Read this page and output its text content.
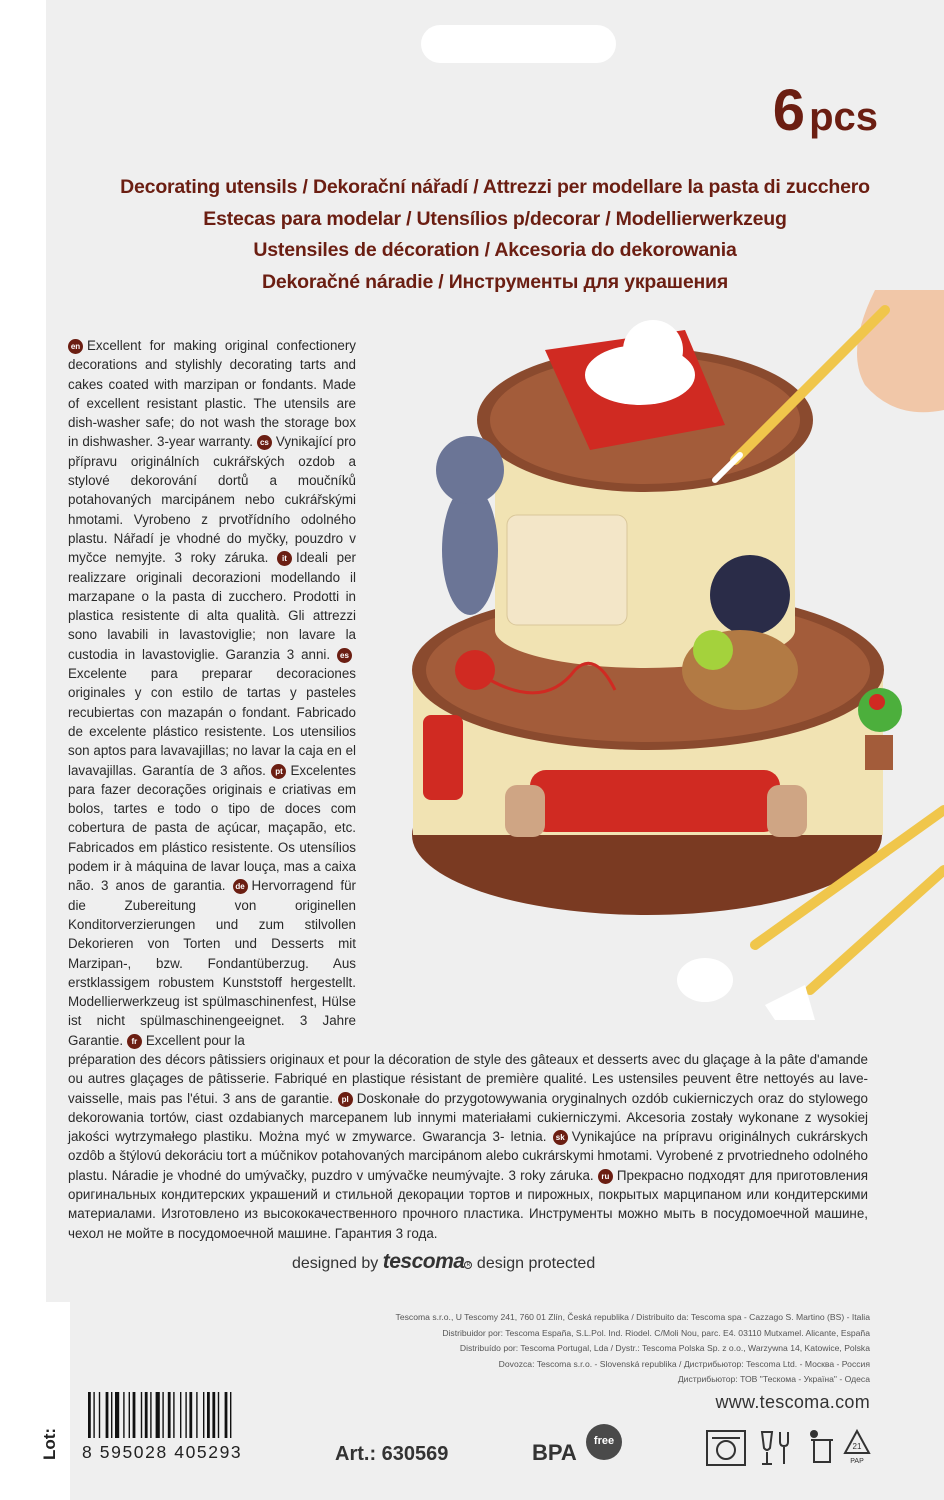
6 pcs
Decorating utensils / Dekorační nářadí / Attrezzi per modellare la pasta di zucchero
Estecas para modelar / Utensílios p/decorar / Modellierwerkzeug
Ustensiles de décoration / Akcesoria do dekorowania
Dekoračné náradie / Инструменты для украшения
en Excellent for making original confectionery decorations and stylishly decorating tarts and cakes coated with marzipan or fondants. Made of excellent resistant plastic. The utensils are dish-washer safe; do not wash the storage box in dishwasher. 3-year warranty. cs Vynikající pro přípravu originálních cukrářských ozdob a stylové dekorování dortů a moučníků potahovaných marcipánem nebo cukrářskými hmotami. Vyrobeno z prvotřídního odolného plastu. Nářadí je vhodné do myčky, pouzdro v myčce nemyjte. 3 roky záruka. it Ideali per realizzare originali decorazioni modellando il marzapane o la pasta di zucchero. Prodotti in plastica resistente di alta qualità. Gli attrezzi sono lavabili in lavastoviglie; non lavare la custodia in lavastoviglie. Garanzia 3 anni. esExcelente para preparar decoraciones originales y con estilo de tartas y pasteles recubiertas con mazapán o fondant. Fabricado de excelente plástico resistente. Los utensilios son aptos para lavavajillas; no lavar la caja en el lavavajillas. Garantía de 3 años. pt Excelentes para fazer decorações originais e criativas em bolos, tartes e todo o tipo de doces com cobertura de pasta de açúcar, maçapão, etc. Fabricados em plástico resistente. Os utensílios podem ir à máquina de lavar louça, mas a caixa não. 3 anos de garantia. de Hervorragend für die Zubereitung von originellen Konditorverzierungen und zum stilvollen Dekorieren von Torten und Desserts mit Marzipan-, bzw. Fondantüberzug. Aus erstklassigem robustem Kunststoff hergestellt. Modellierwerkzeug ist spülmaschinenfest, Hülse ist nicht spülmaschinengeeignet. 3 Jahre Garantie. fr Excellent pour la
préparation des décors pâtissiers originaux et pour la décoration de style des gâteaux et desserts avec du glaçage à la pâte d'amande ou autres glaçages de pâtisserie. Fabriqué en plastique résistant de première qualité. Les ustensiles peuvent être nettoyés au lave-vaisselle, mais pas l'étui. 3 ans de garantie. pl Doskonałe do przygotowywania oryginalnych ozdób cukierniczych oraz do stylowego dekorowania tortów, ciast ozdabianych marcepanem lub innymi materiałami cukierniczymi. Akcesoria zostały wykonane z wysokiej jakości wytrzymałego plastiku. Można myć w zmywarce. Gwarancja 3- letnia. sk Vynikajúce na prípravu originálnych cukrárskych ozdôb a štýlovú dekoráciu tort a múčnikov potahovaných marcipánom alebo cukrárskymi hmotami. Vyrobené z prvotriedneho odolného plastu. Náradie je vhodné do umývačky, puzdro v umývačke neumývajte. 3 roky záruka. ru Прекрасно подходят для приготовления оригинальных кондитерских украшений и стильной декорации тортов и пирожных, покрытых марципаном или кондитерскими материалами. Изготовлено из высококачественного прочного пластика. Инструменты можно мыть в посудомоечной машине, чехол не мойте в посудомоечной машине. Гарантия 3 года.
designed by tescoma R design protected
Tescoma s.r.o., U Tescomy 241, 760 01 Zlín, Česká republika / Distribuito da: Tescoma spa - Cazzago S. Martino (BS) - Italia
Distribuidor por: Tescoma España, S.L.Pol. Ind. Riodel. C/Moli Nou, parc. E4. 03110 Mutxamel. Alicante, España
Distribuído por: Tescoma Portugal, Lda / Dystr.: Tescoma Polska Sp. z o.o., Warzywna 14, Katowice, Polska
Dovozca: Tescoma s.r.o. - Slovenská republika / Дистрибьютор: Tescoma Ltd. - Москва - Россия
Дистрибьютор: ТОВ "Тескома - Україна" - Одеса
www.tescoma.com
Lot: 8 595028 405293	Art.: 630569	BPA	free	21
PAP
